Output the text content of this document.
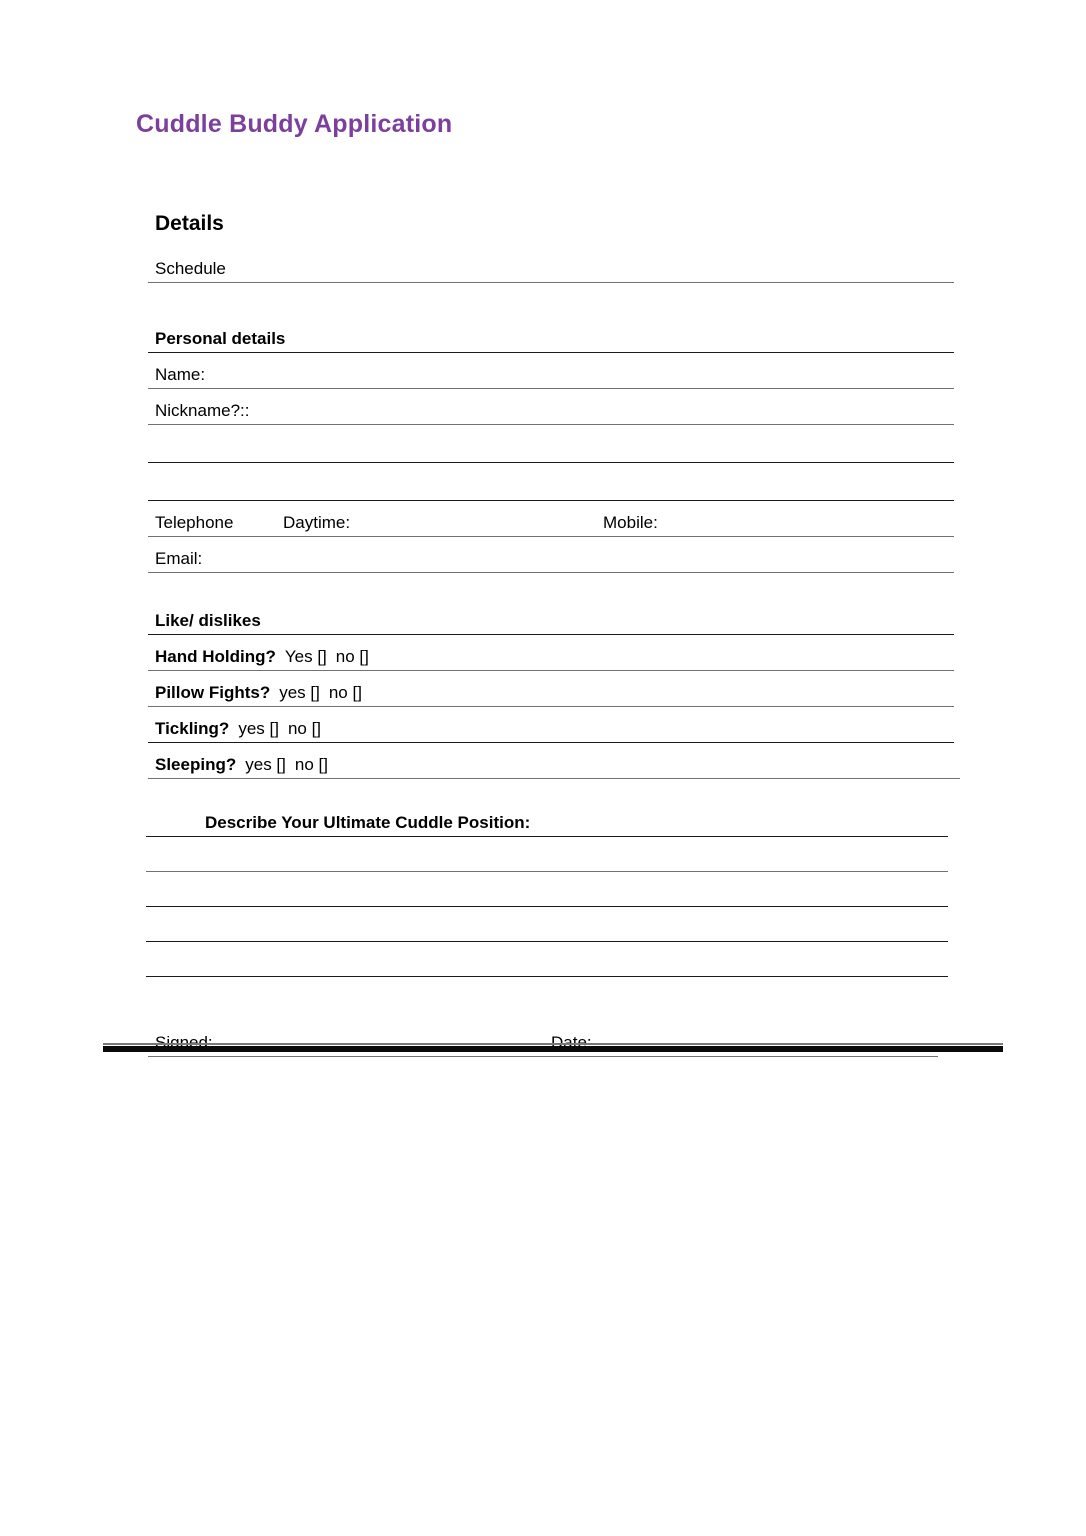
Cuddle Buddy Application
Details
Schedule
Personal details
Name:
Nickname?::
Telephone	Daytime:	Mobile:
Email:
Like/ dislikes
Hand Holding? Yes [] no []
Pillow Fights? yes [] no []
Tickling? yes [] no []
Sleeping? yes [] no []
Describe Your Ultimate Cuddle Position:
